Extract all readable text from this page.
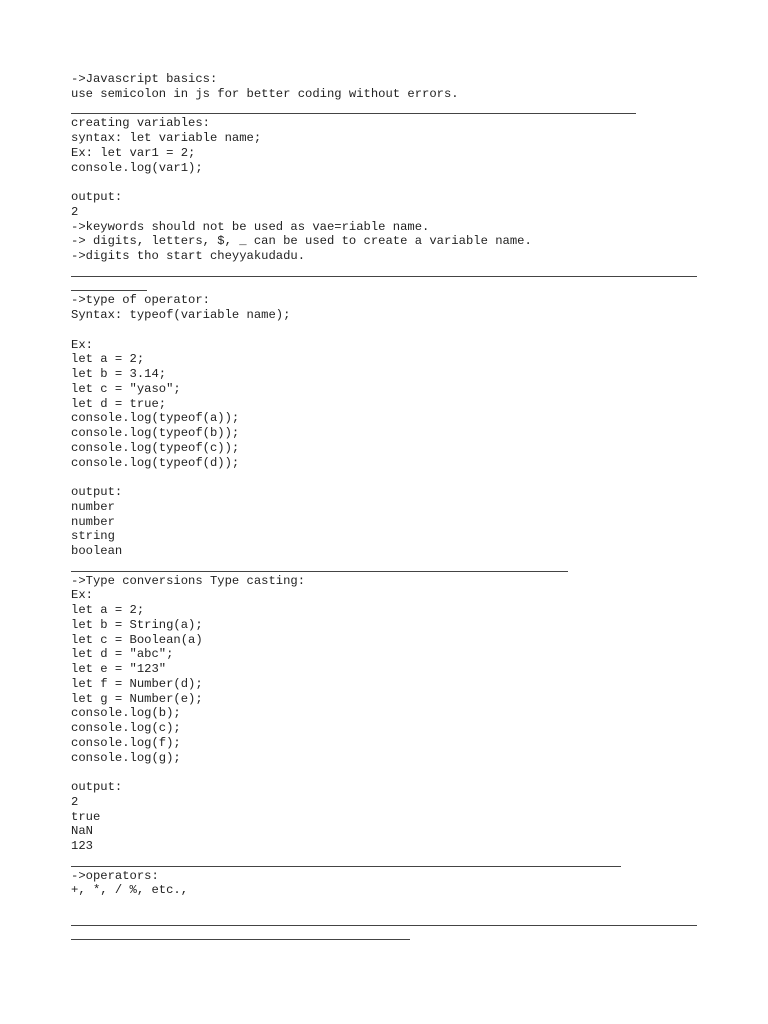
->Javascript basics:
use semicolon in js for better coding without errors.
creating variables:
syntax: let variable name;
Ex: let var1 = 2;
console.log(var1);
output:
2
->keywords should not be used as vae=riable name.
-> digits, letters, $, _ can be used to create a variable name.
->digits tho start cheyyakudadu.
->type of operator:
Syntax: typeof(variable name);
Ex:
let a = 2;
let b = 3.14;
let c = "yaso";
let d = true;
console.log(typeof(a));
console.log(typeof(b));
console.log(typeof(c));
console.log(typeof(d));
output:
number
number
string
boolean
->Type conversions Type casting:
Ex:
let a = 2;
let b = String(a);
let c = Boolean(a)
let d = "abc";
let e = "123"
let f = Number(d);
let g = Number(e);
console.log(b);
console.log(c);
console.log(f);
console.log(g);
output:
2
true
NaN
123
->operators:
+, *, / %, etc.,
